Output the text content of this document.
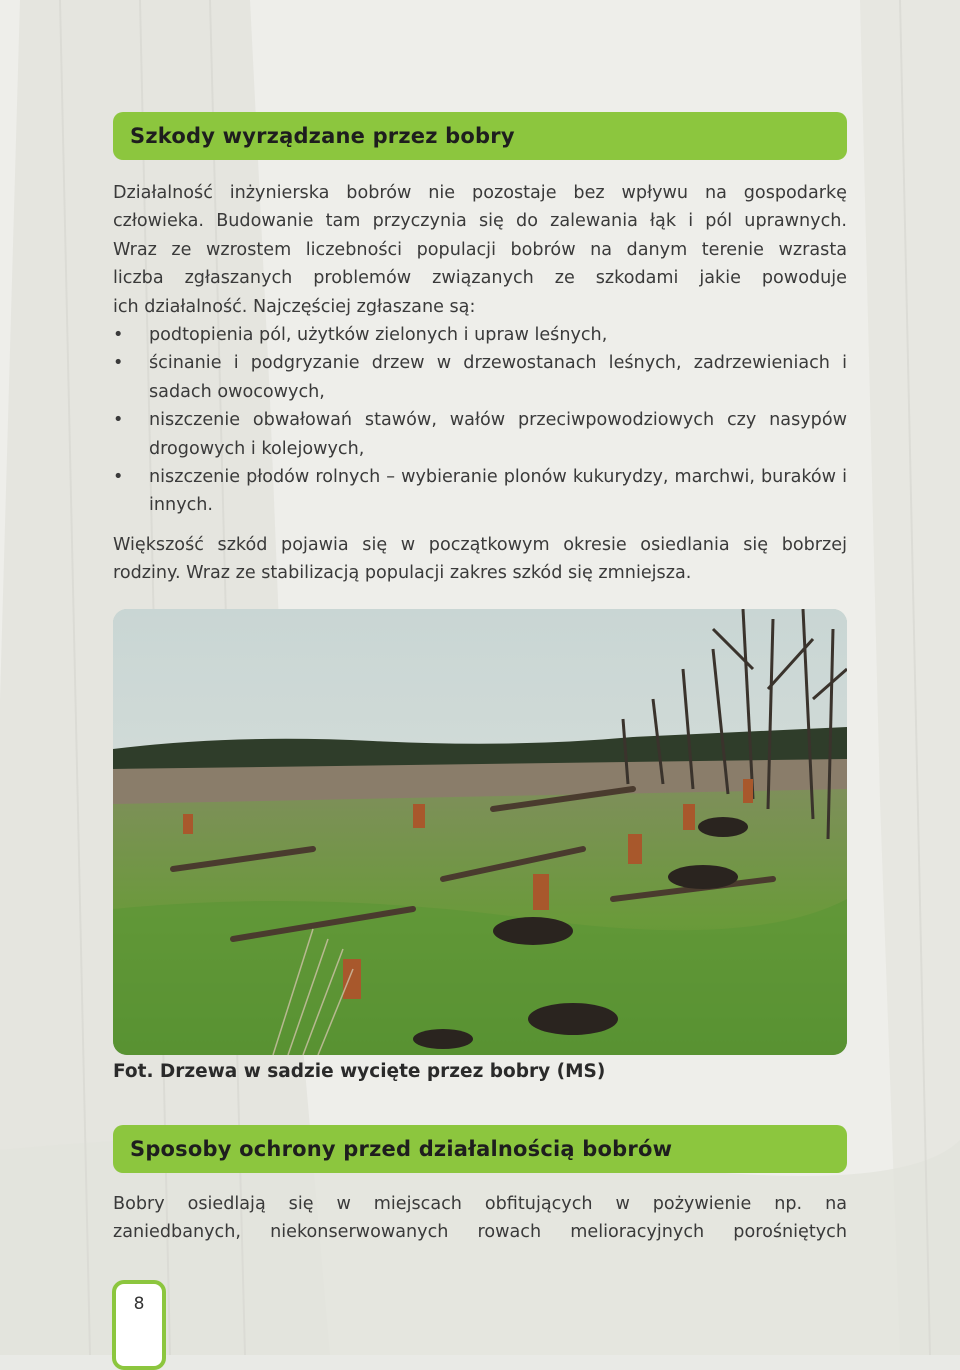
Szkody wyrządzane przez bobry
Działalność inżynierska bobrów nie pozostaje bez wpływu na gospodarkę
człowieka. Budowanie tam przyczynia się do zalewania łąk i pól uprawnych.
Wraz ze wzrostem liczebności populacji bobrów na danym terenie wzrasta
liczba zgłaszanych problemów związanych ze szkodami jakie powoduje
ich działalność. Najczęściej zgłaszane są:
• podtopienia pól, użytków zielonych i upraw leśnych,
• ścinanie i podgryzanie drzew w drzewostanach leśnych, zadrzewieniach i sadach owocowych,
• niszczenie obwałowań stawów, wałów przeciwpowodziowych czy nasypów drogowych i kolejowych,
• niszczenie płodów rolnych – wybieranie plonów kukurydzy, marchwi, buraków i innych.
Większość szkód pojawia się w początkowym okresie osiedlania się bobrzej
rodziny. Wraz ze stabilizacją populacji zakres szkód się zmniejsza.

Fot. Drzewa w sadzie wycięte przez bobry (MS)

Sposoby ochrony przed działalnością bobrów
Bobry osiedlają się w miejscach obfitujących w pożywienie np. na
zaniedbanych, niekonserwowanych rowach melioracyjnych porośniętych
8
